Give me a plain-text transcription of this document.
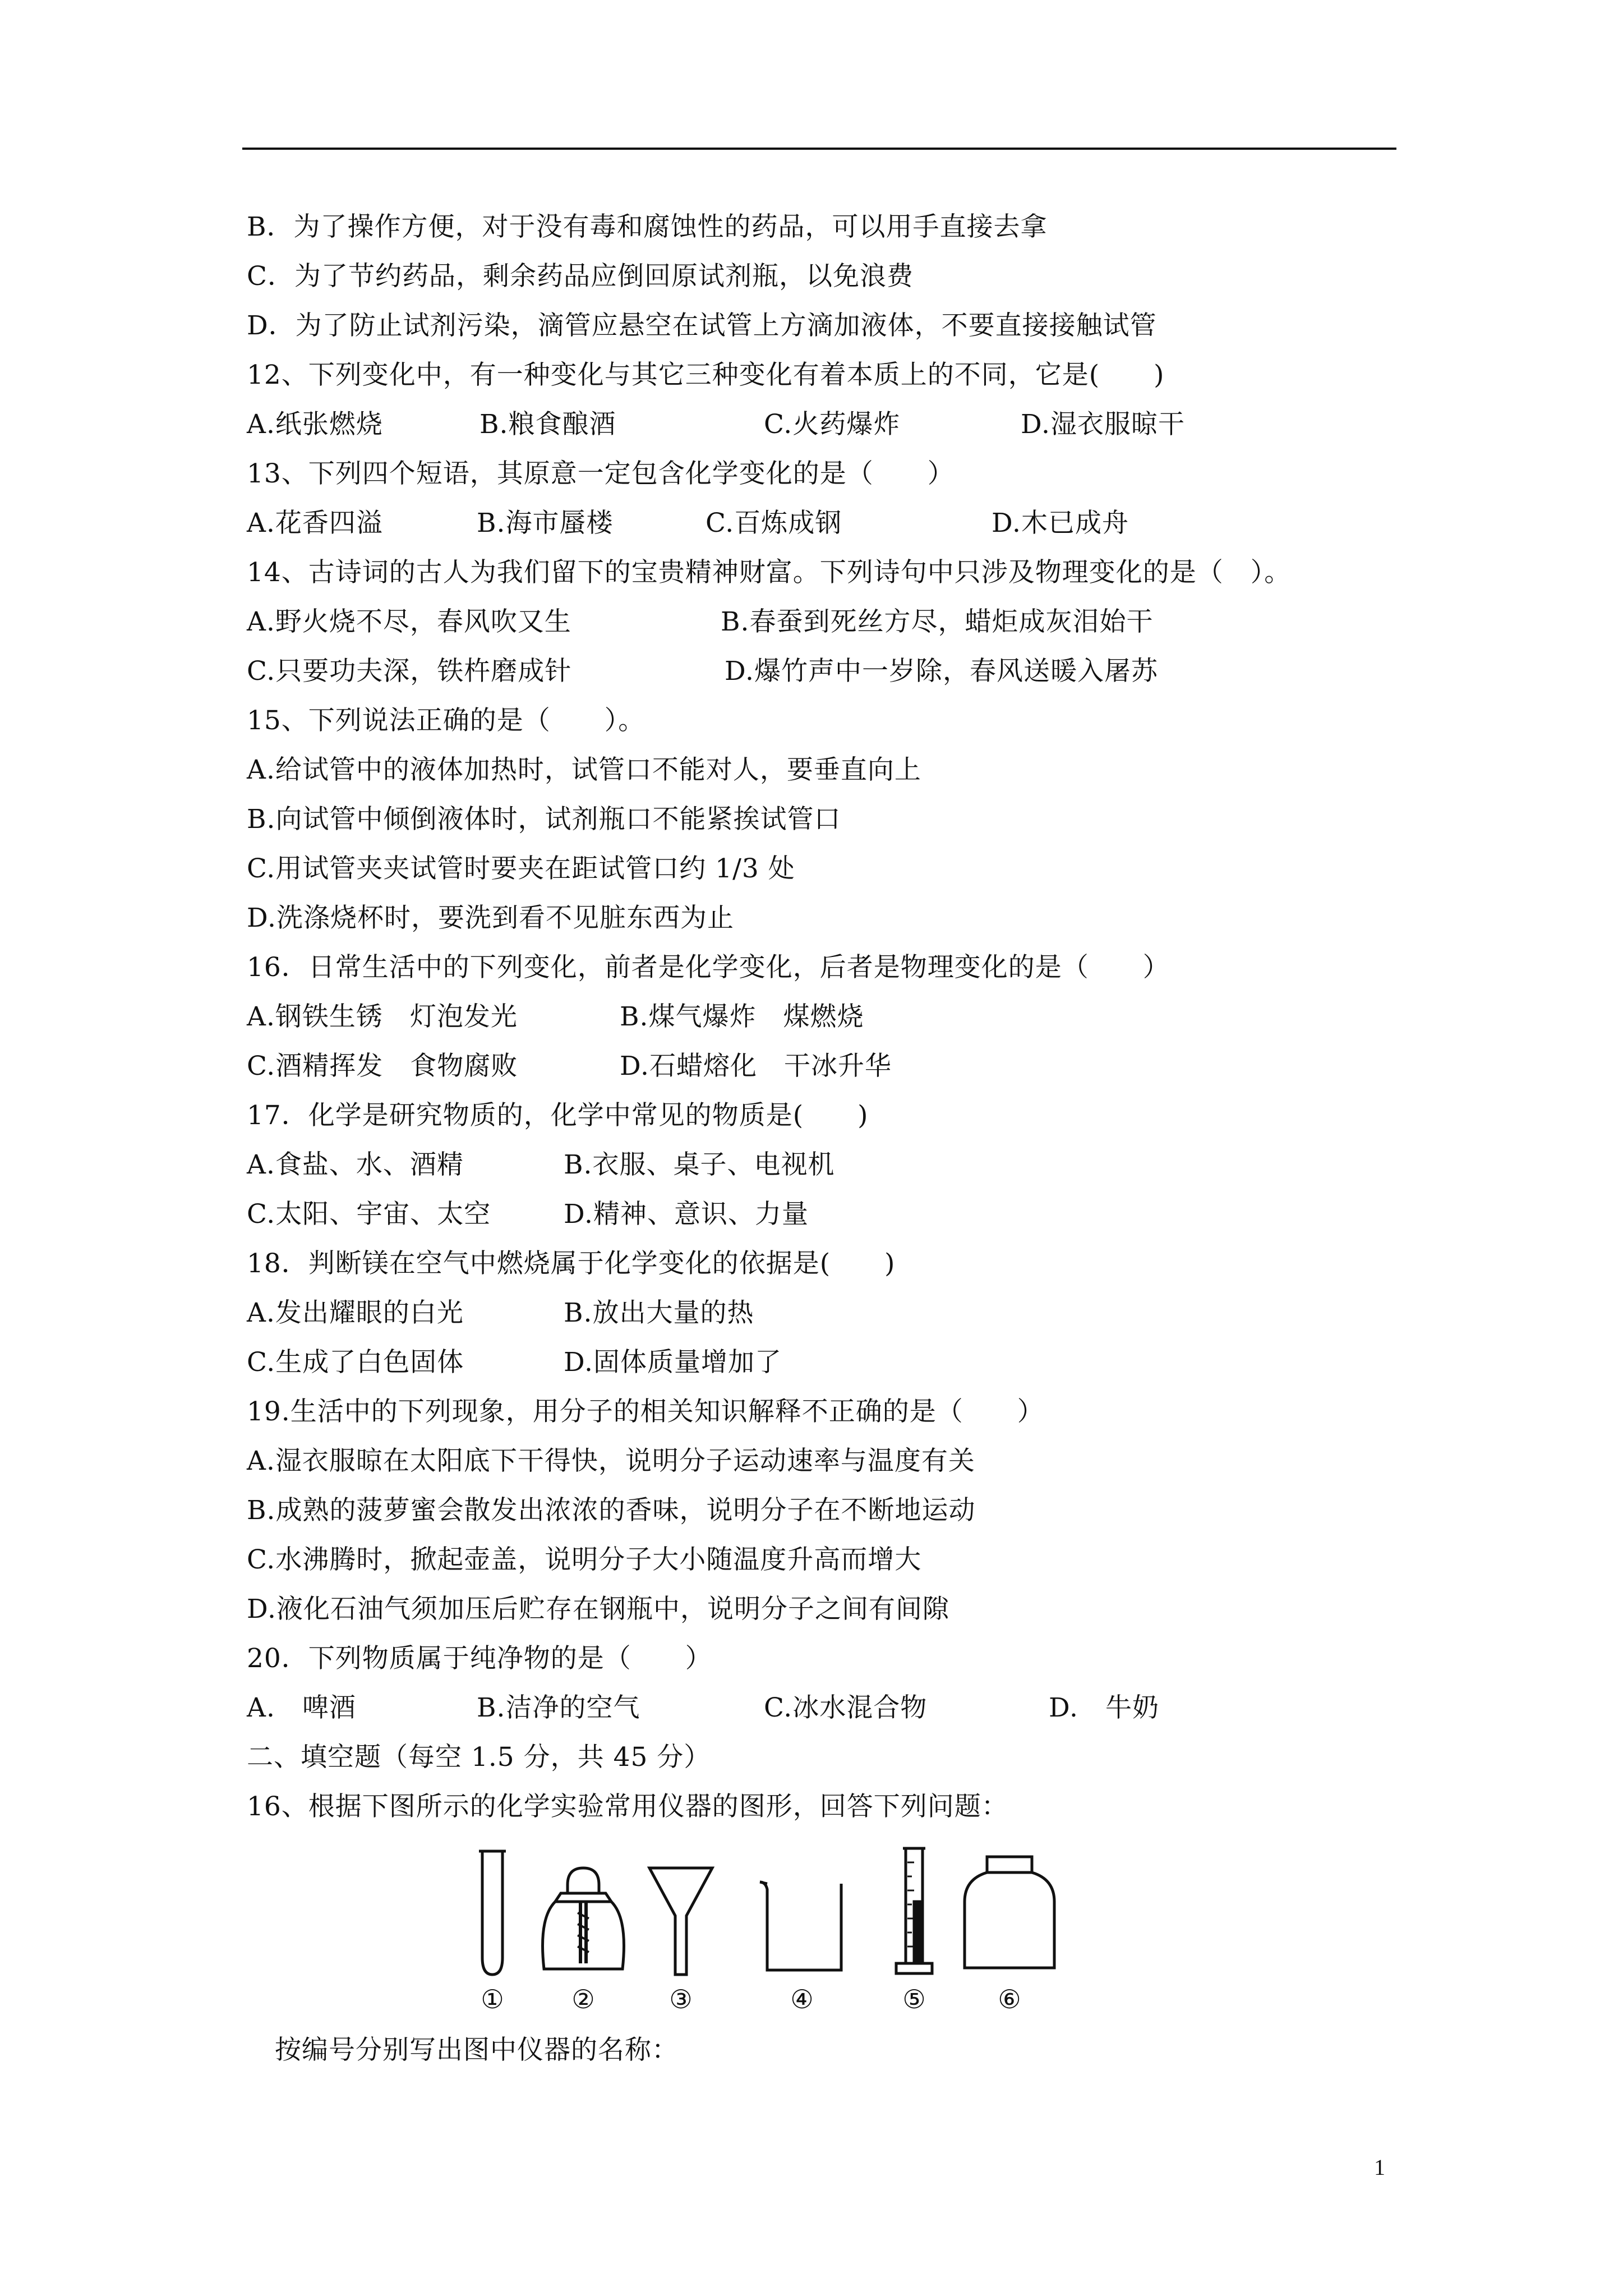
B．为了操作方便，对于没有毒和腐蚀性的药品，可以用手直接去拿
C．为了节约药品，剩余药品应倒回原试剂瓶，以免浪费
D．为了防止试剂污染，滴管应悬空在试管上方滴加液体，不要直接接触试管
12、下列变化中，有一种变化与其它三种变化有着本质上的不同，它是(　　)
A.纸张燃烧	B.粮食酿酒	C.火药爆炸	D.湿衣服晾干
13、下列四个短语，其原意一定包含化学变化的是（　　）
A.花香四溢	B.海市蜃楼	C.百炼成钢	D.木已成舟
14、古诗词的古人为我们留下的宝贵精神财富。下列诗句中只涉及物理变化的是（　）。
A.野火烧不尽，春风吹又生	B.春蚕到死丝方尽，蜡炬成灰泪始干
C.只要功夫深，铁杵磨成针	D.爆竹声中一岁除，春风送暖入屠苏
15、下列说法正确的是（　　）。
A.给试管中的液体加热时，试管口不能对人，要垂直向上
B.向试管中倾倒液体时，试剂瓶口不能紧挨试管口
C.用试管夹夹试管时要夹在距试管口约 1/3 处
D.洗涤烧杯时，要洗到看不见脏东西为止
16．日常生活中的下列变化，前者是化学变化，后者是物理变化的是（　　）
A.钢铁生锈　灯泡发光	B.煤气爆炸　煤燃烧
C.酒精挥发　食物腐败	D.石蜡熔化　干冰升华
17．化学是研究物质的，化学中常见的物质是(　　)
A.食盐、水、酒精	B.衣服、桌子、电视机
C.太阳、宇宙、太空	D.精神、意识、力量
18．判断镁在空气中燃烧属于化学变化的依据是(　　)
A.发出耀眼的白光	B.放出大量的热
C.生成了白色固体	D.固体质量增加了
19.生活中的下列现象，用分子的相关知识解释不正确的是（　　）
A.湿衣服晾在太阳底下干得快，说明分子运动速率与温度有关
B.成熟的菠萝蜜会散发出浓浓的香味，说明分子在不断地运动
C.水沸腾时，掀起壶盖，说明分子大小随温度升高而增大
D.液化石油气须加压后贮存在钢瓶中，说明分子之间有间隙
20．下列物质属于纯净物的是（　　）
A.　啤酒	B.洁净的空气	C.冰水混合物	D.　牛奶
二、填空题（每空 1.5 分，共 45 分）
16、根据下图所示的化学实验常用仪器的图形，回答下列问题：
①	②	③	④	⑤	⑥
按编号分别写出图中仪器的名称：
1
